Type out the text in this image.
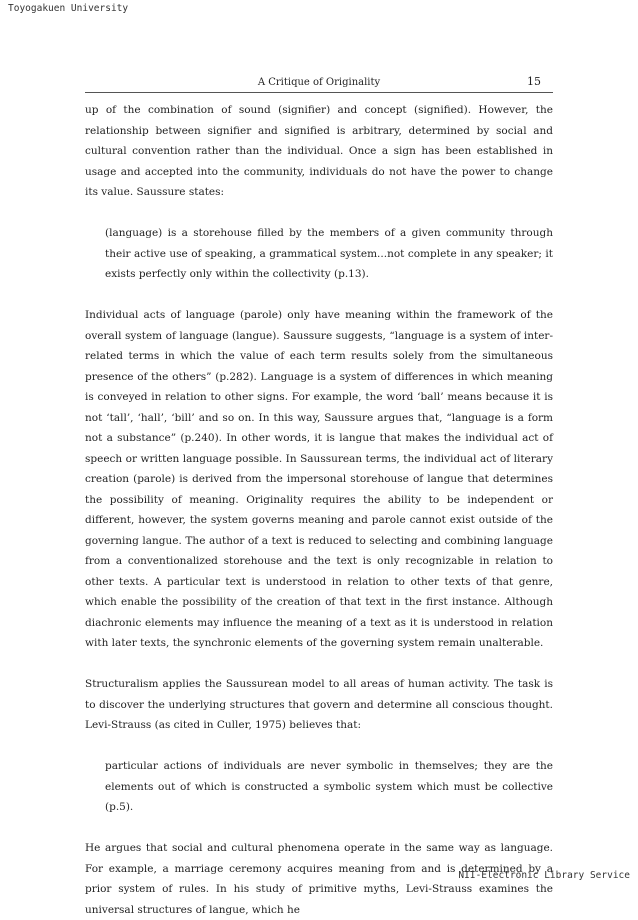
Toyogakuen University
A Critique of Originality	15

up of the combination of sound (signifier) and concept (signified). However, the relationship between signifier and signified is arbitrary, determined by social and cultural convention rather than the individual. Once a sign has been established in usage and accepted into the community, individuals do not have the power to change its value. Saussure states:

(language) is a storehouse filled by the members of a given community through their active use of speaking, a grammatical system...not complete in any speaker; it exists perfectly only within the collectivity (p.13).

Individual acts of language (parole) only have meaning within the framework of the overall system of language (langue). Saussure suggests, “language is a system of inter-related terms in which the value of each term results solely from the simultaneous presence of the others” (p.282). Language is a system of differences in which meaning is conveyed in relation to other signs. For example, the word ‘ball’ means because it is not ‘tall’, ‘hall’, ‘bill’ and so on. In this way, Saussure argues that, “language is a form not a substance” (p.240). In other words, it is langue that makes the individual act of speech or written language possible. In Saussurean terms, the individual act of literary creation (parole) is derived from the impersonal storehouse of langue that determines the possibility of meaning. Originality requires the ability to be independent or different, however, the system governs meaning and parole cannot exist outside of the governing langue. The author of a text is reduced to selecting and combining language from a conventionalized storehouse and the text is only recognizable in relation to other texts. A particular text is understood in relation to other texts of that genre, which enable the possibility of the creation of that text in the first instance. Although diachronic elements may influence the meaning of a text as it is understood in relation with later texts, the synchronic elements of the governing system remain unalterable.

Structuralism applies the Saussurean model to all areas of human activity. The task is to discover the underlying structures that govern and determine all conscious thought. Levi-Strauss (as cited in Culler, 1975) believes that:

particular actions of individuals are never symbolic in themselves; they are the elements out of which is constructed a symbolic system which must be collective (p.5).

He argues that social and cultural phenomena operate in the same way as language. For example, a marriage ceremony acquires meaning from and is determined by a prior system of rules. In his study of primitive myths, Levi-Strauss examines the universal structures of langue, which he

NII-Electronic Library Service
